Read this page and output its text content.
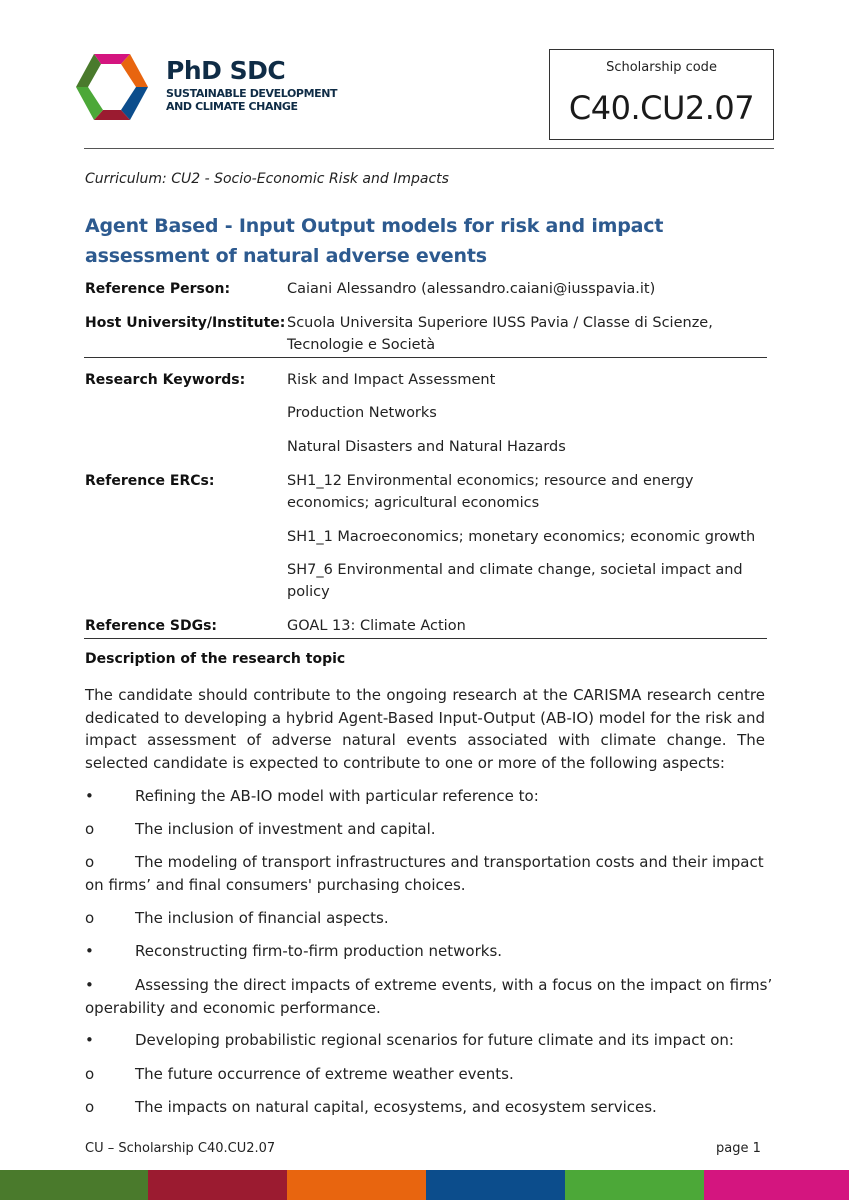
PhD SDC
SUSTAINABLE DEVELOPMENT
AND CLIMATE CHANGE
Scholarship code
C40.CU2.07
Curriculum: CU2 - Socio-Economic Risk and Impacts
Agent Based - Input Output models for risk and impact assessment of natural adverse events
Reference Person:	Caiani Alessandro (alessandro.caiani@iusspavia.it)
Host University/Institute: Scuola Universita Superiore IUSS Pavia / Classe di Scienze, Tecnologie e Società
Research Keywords:	Risk and Impact Assessment
Production Networks
Natural Disasters and Natural Hazards
Reference ERCs:	SH1_12 Environmental economics; resource and energy economics; agricultural economics
SH1_1 Macroeconomics; monetary economics; economic growth
SH7_6 Environmental and climate change, societal impact and policy
Reference SDGs:	GOAL 13: Climate Action
Description of the research topic
The candidate should contribute to the ongoing research at the CARISMA research centre dedicated to developing a hybrid Agent-Based Input-Output (AB-IO) model for the risk and impact assessment of adverse natural events associated with climate change. The selected candidate is expected to contribute to one or more of the following aspects:
•	Refining the AB-IO model with particular reference to:
o	The inclusion of investment and capital.
o	The modeling of transport infrastructures and transportation costs and their impact on firms’ and final consumers' purchasing choices.
o	The inclusion of financial aspects.
•	Reconstructing firm-to-firm production networks.
•	Assessing the direct impacts of extreme events, with a focus on the impact on firms’ operability and economic performance.
•	Developing probabilistic regional scenarios for future climate and its impact on:
o	The future occurrence of extreme weather events.
o	The impacts on natural capital, ecosystems, and ecosystem services.
CU – Scholarship C40.CU2.07	page 1
